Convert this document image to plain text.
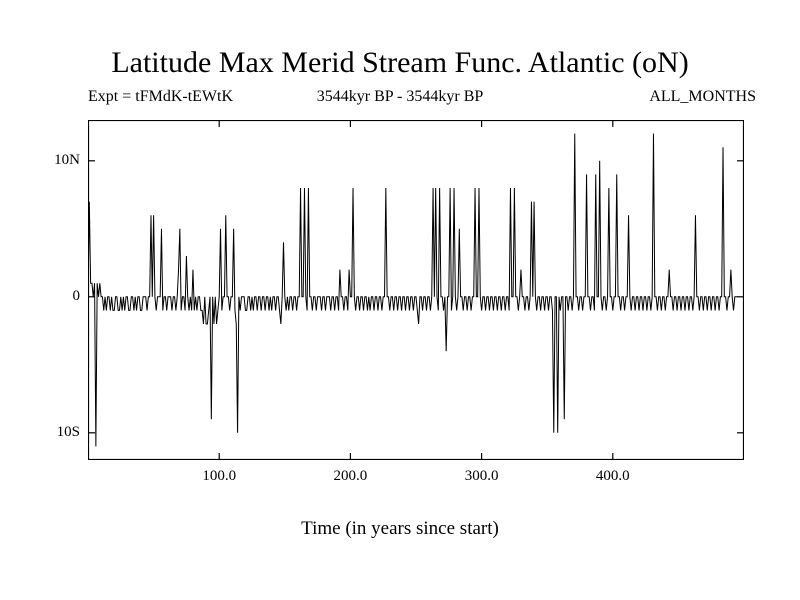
Latitude Max Merid Stream Func. Atlantic (oN)
Expt = tFMdK-tEWtK	3544kyr BP - 3544kyr BP	ALL_MONTHS
10N
0
10S
100.0	200.0	300.0	400.0
Time (in years since start)
